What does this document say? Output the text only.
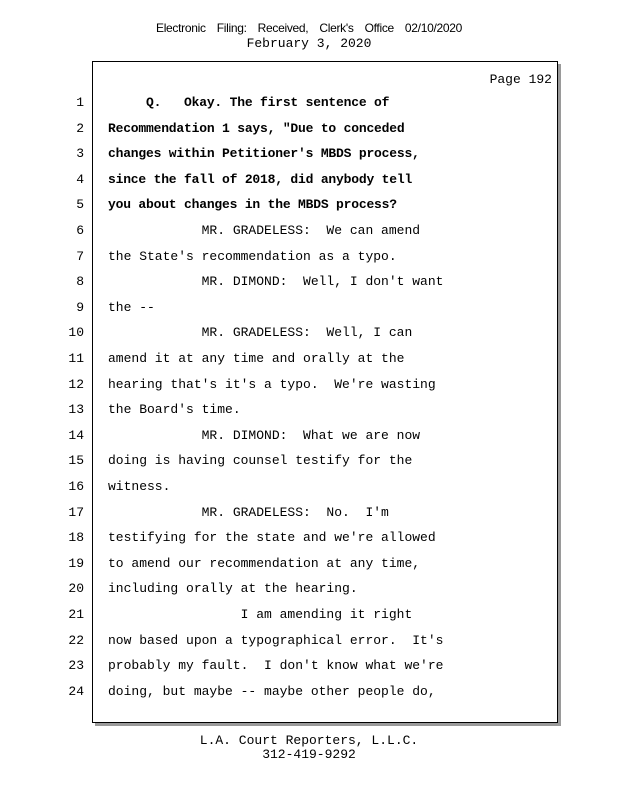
Electronic Filing: Received, Clerk's Office 02/10/2020
February 3, 2020
Page 192
1 Q.   Okay. The first sentence of
2 Recommendation 1 says, "Due to conceded
3 changes within Petitioner's MBDS process,
4 since the fall of 2018, did anybody tell
5 you about changes in the MBDS process?
6 MR. GRADELESS:  We can amend
7 the State's recommendation as a typo.
8 MR. DIMOND:  Well, I don't want
9 the --
10 MR. GRADELESS:  Well, I can
11 amend it at any time and orally at the
12 hearing that's it's a typo.  We're wasting
13 the Board's time.
14 MR. DIMOND:  What we are now
15 doing is having counsel testify for the
16 witness.
17 MR. GRADELESS:  No.  I'm
18 testifying for the state and we're allowed
19 to amend our recommendation at any time,
20 including orally at the hearing.
21 I am amending it right
22 now based upon a typographical error.  It's
23 probably my fault.  I don't know what we're
24 doing, but maybe -- maybe other people do,
L.A. Court Reporters, L.L.C.
312-419-9292
